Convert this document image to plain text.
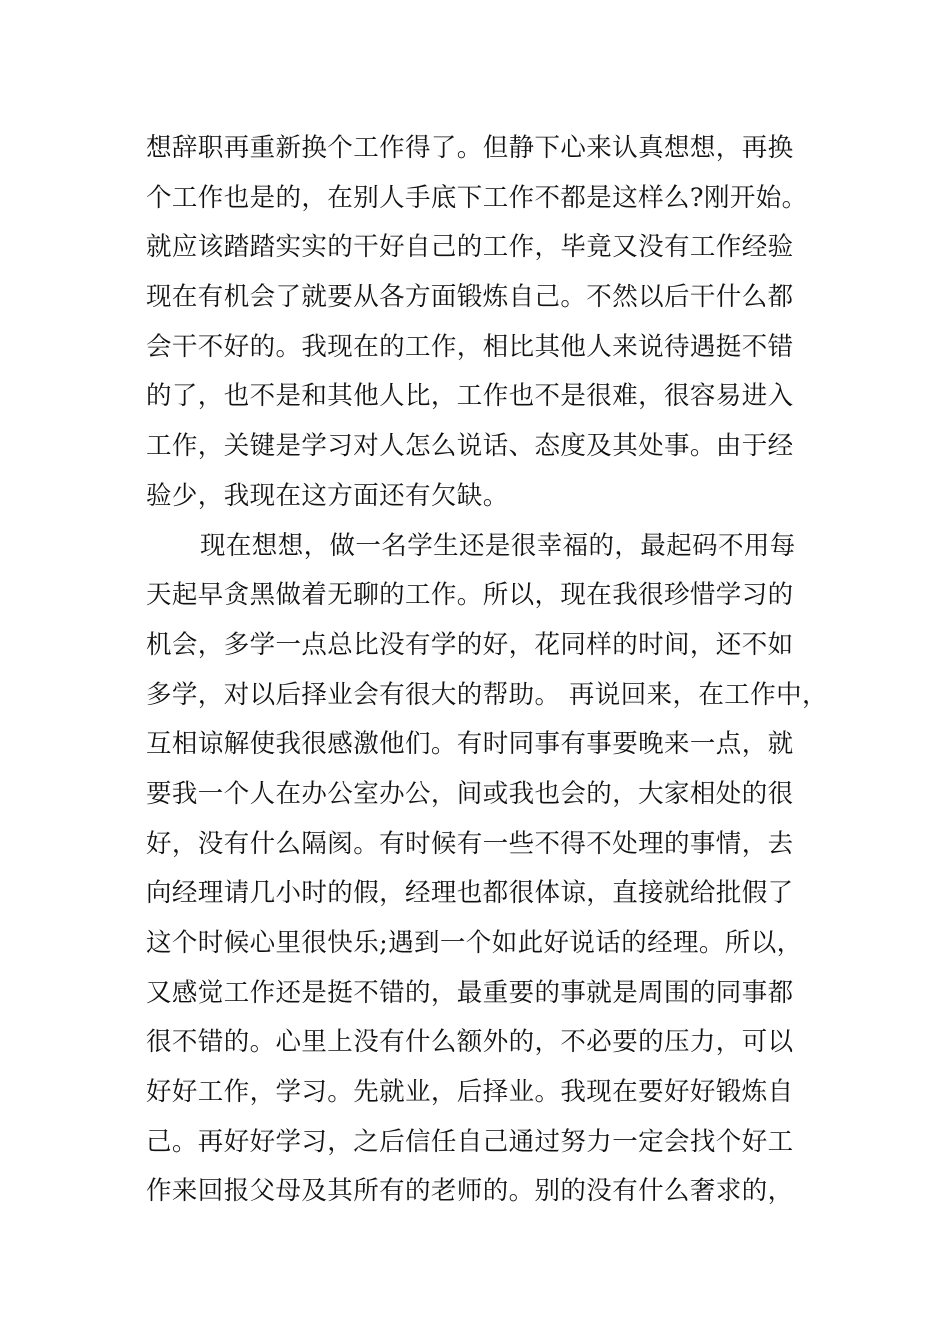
想辞职再重新换个工作得了。但静下心来认真想想，再换
个工作也是的，在别人手底下工作不都是这样么?刚开始。
就应该踏踏实实的干好自己的工作，毕竟又没有工作经验
现在有机会了就要从各方面锻炼自己。不然以后干什么都
会干不好的。我现在的工作，相比其他人来说待遇挺不错
的了，也不是和其他人比，工作也不是很难，很容易进入
工作，关键是学习对人怎么说话、态度及其处事。由于经
验少，我现在这方面还有欠缺。
现在想想，做一名学生还是很幸福的，最起码不用每
天起早贪黑做着无聊的工作。所以，现在我很珍惜学习的
机会，多学一点总比没有学的好，花同样的时间，还不如
多学，对以后择业会有很大的帮助。 再说回来，在工作中，
互相谅解使我很感激他们。有时同事有事要晚来一点，就
要我一个人在办公室办公，间或我也会的，大家相处的很
好，没有什么隔阂。有时候有一些不得不处理的事情，去
向经理请几小时的假，经理也都很体谅，直接就给批假了
这个时候心里很快乐;遇到一个如此好说话的经理。所以，
又感觉工作还是挺不错的，最重要的事就是周围的同事都
很不错的。心里上没有什么额外的，不必要的压力，可以
好好工作，学习。先就业，后择业。我现在要好好锻炼自
己。再好好学习，之后信任自己通过努力一定会找个好工
作来回报父母及其所有的老师的。别的没有什么奢求的，
